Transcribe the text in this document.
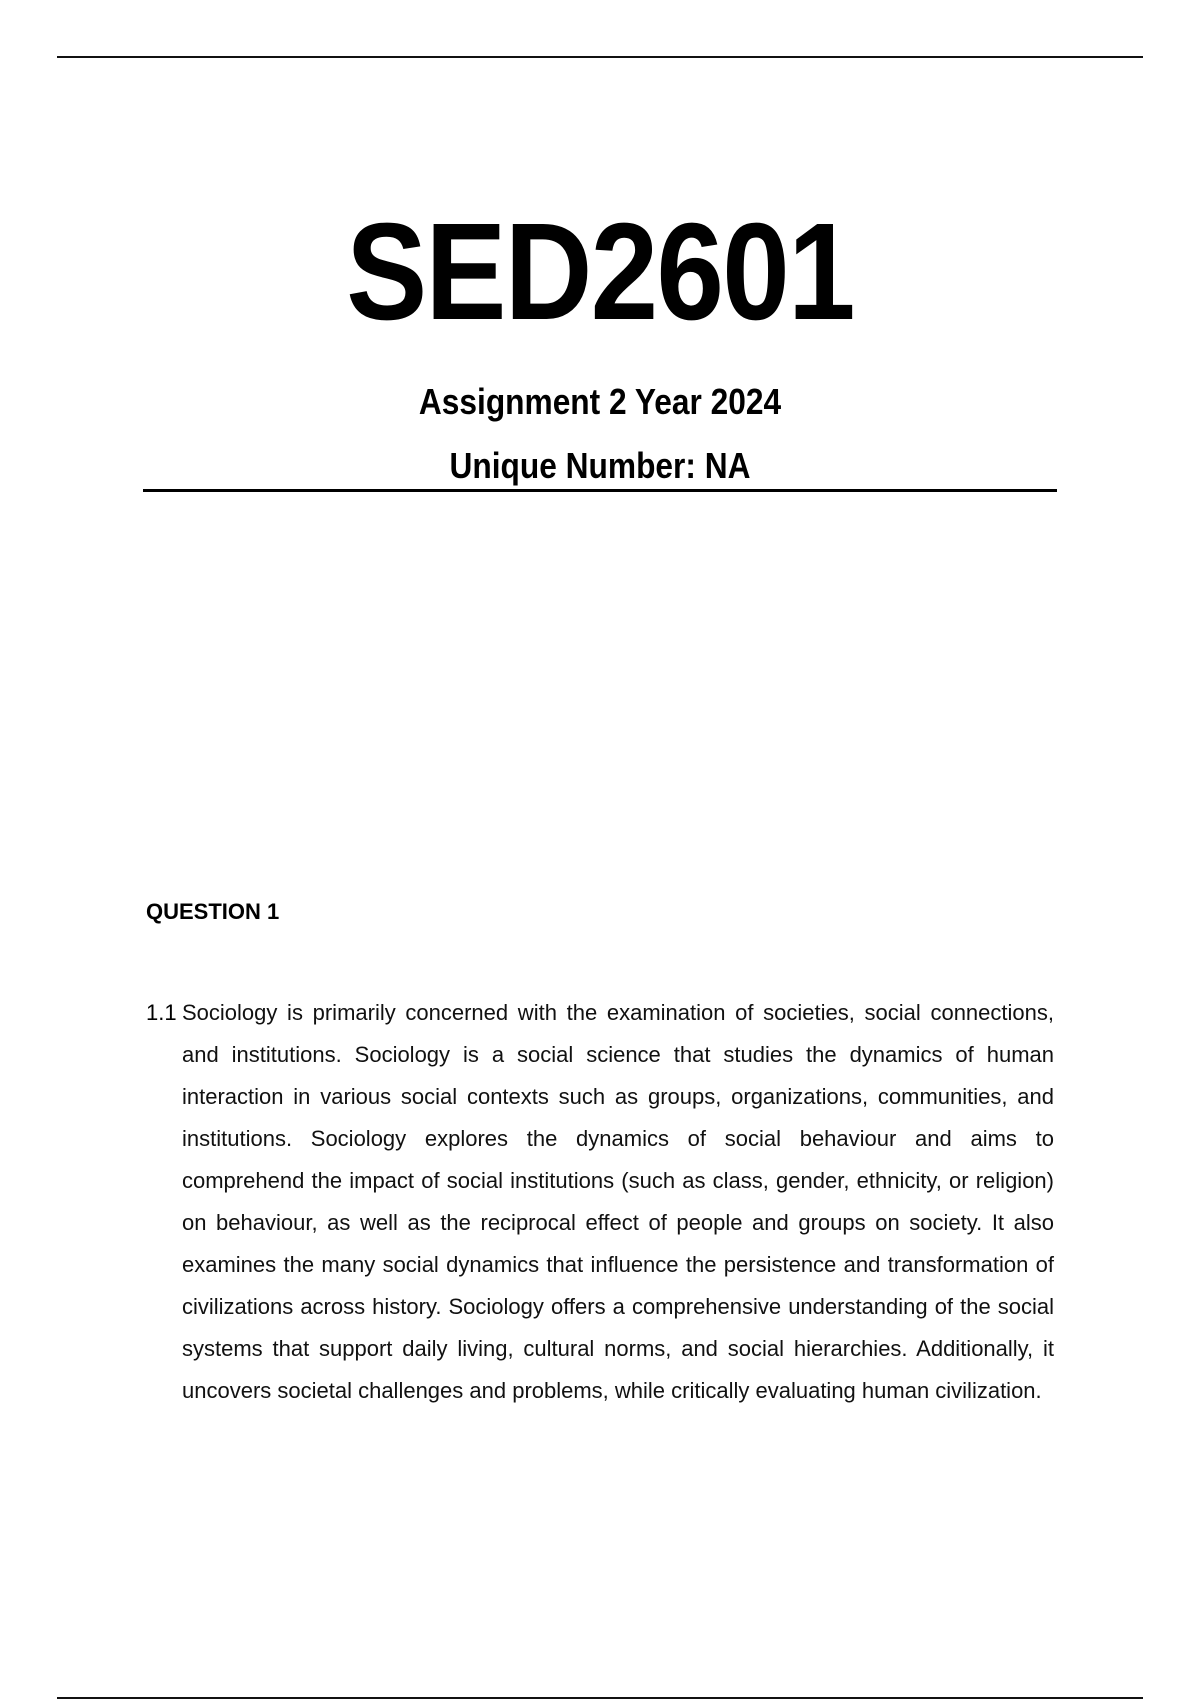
SED2601
Assignment 2 Year 2024
Unique Number: NA
QUESTION 1
1.1 Sociology is primarily concerned with the examination of societies, social connections, and institutions. Sociology is a social science that studies the dynamics of human interaction in various social contexts such as groups, organizations, communities, and institutions. Sociology explores the dynamics of social behaviour and aims to comprehend the impact of social institutions (such as class, gender, ethnicity, or religion) on behaviour, as well as the reciprocal effect of people and groups on society. It also examines the many social dynamics that influence the persistence and transformation of civilizations across history. Sociology offers a comprehensive understanding of the social systems that support daily living, cultural norms, and social hierarchies. Additionally, it uncovers societal challenges and problems, while critically evaluating human civilization.
